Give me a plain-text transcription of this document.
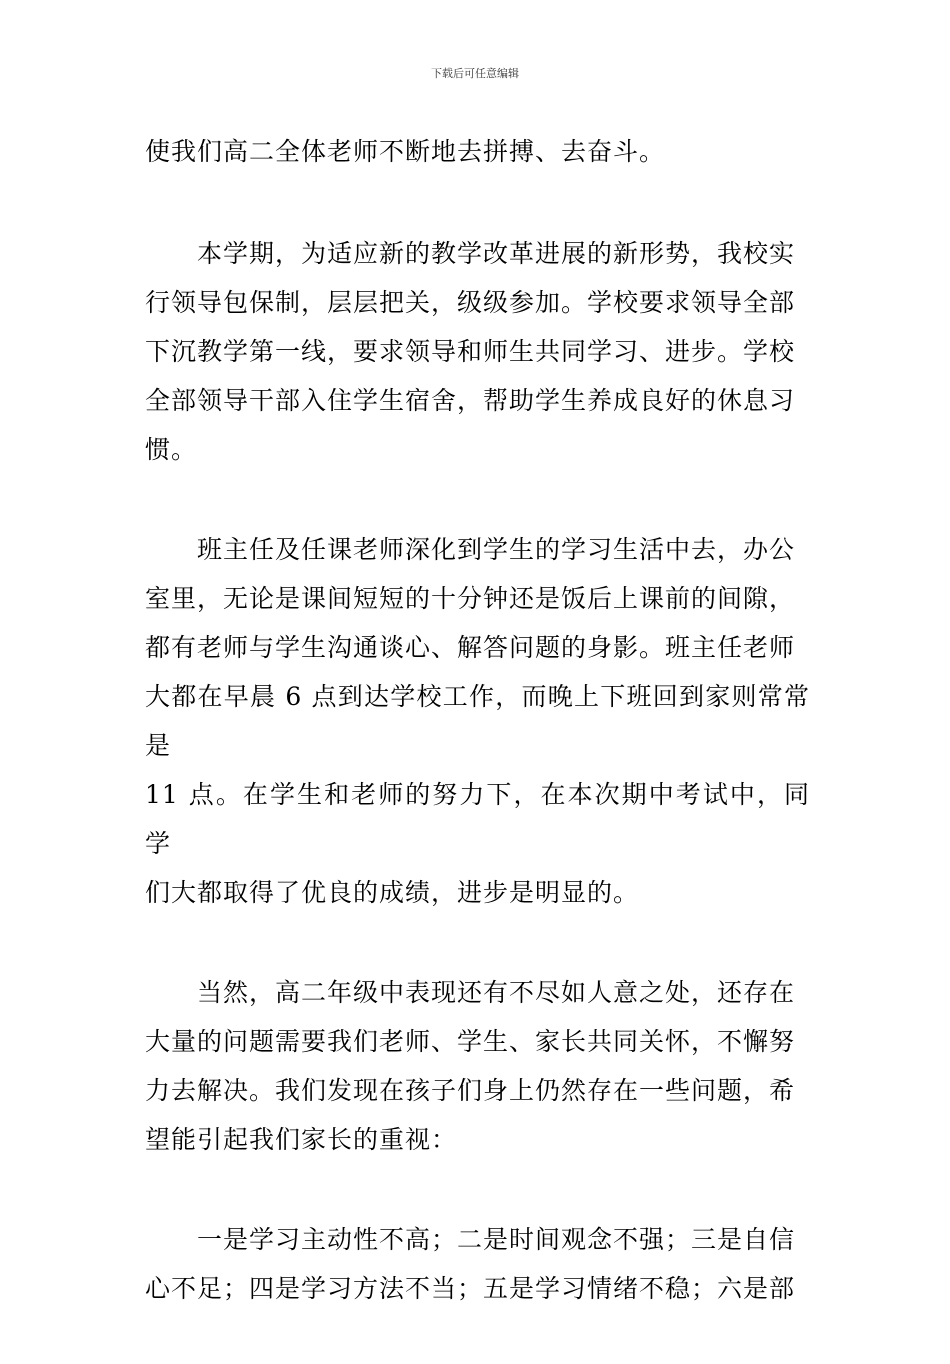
下载后可任意编辑

使我们高二全体老师不断地去拼搏、去奋斗。

本学期，为适应新的教学改革进展的新形势，我校实
行领导包保制，层层把关，级级参加。学校要求领导全部
下沉教学第一线，要求领导和师生共同学习、进步。学校
全部领导干部入住学生宿舍，帮助学生养成良好的休息习
惯。

班主任及任课老师深化到学生的学习生活中去，办公
室里，无论是课间短短的十分钟还是饭后上课前的间隙，
都有老师与学生沟通谈心、解答问题的身影。班主任老师
大都在早晨 6 点到达学校工作，而晚上下班回到家则常常是
11 点。在学生和老师的努力下，在本次期中考试中，同学
们大都取得了优良的成绩，进步是明显的。

当然，高二年级中表现还有不尽如人意之处，还存在
大量的问题需要我们老师、学生、家长共同关怀，不懈努
力去解决。我们发现在孩子们身上仍然存在一些问题，希
望能引起我们家长的重视：

一是学习主动性不高；二是时间观念不强；三是自信
心不足；四是学习方法不当；五是学习情绪不稳；六是部
